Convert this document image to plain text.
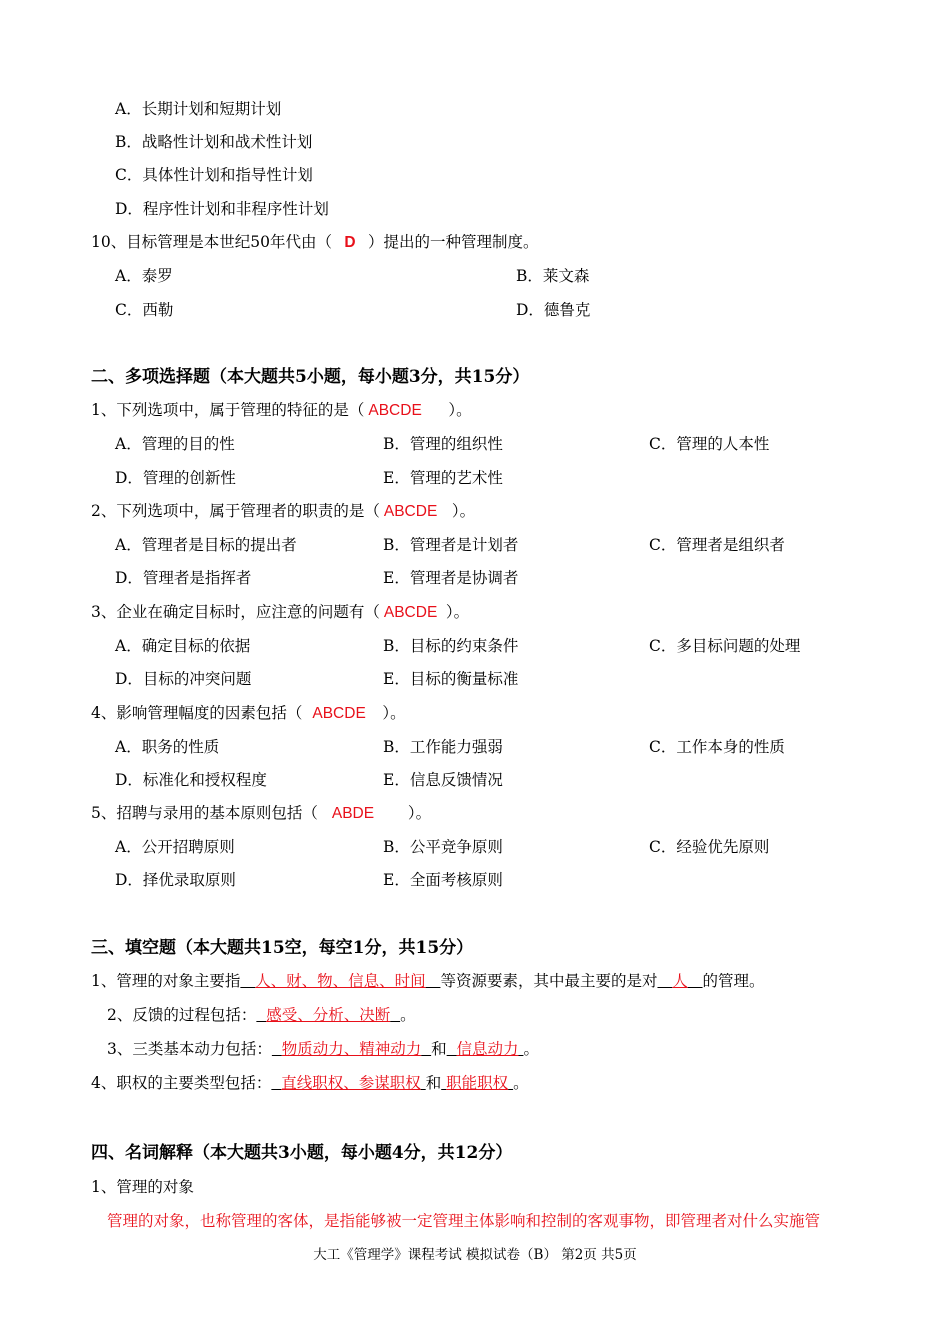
A．长期计划和短期计划
B．战略性计划和战术性计划
C．具体性计划和指导性计划
D．程序性计划和非程序性计划
10、目标管理是本世纪50年代由（ D ）提出的一种管理制度。
A．泰罗	B．莱文森
C．西勒	D．德鲁克
二、多项选择题（本大题共5小题，每小题3分，共15分）
1、下列选项中，属于管理的特征的是（ ABCDE ）。
A．管理的目的性	B．管理的组织性	C．管理的人本性
D．管理的创新性	E．管理的艺术性
2、下列选项中，属于管理者的职责的是（ ABCDE ）。
A．管理者是目标的提出者	B．管理者是计划者	C．管理者是组织者
D．管理者是指挥者	E．管理者是协调者
3、企业在确定目标时，应注意的问题有（ ABCDE ）。
A．确定目标的依据	B．目标的约束条件	C．多目标问题的处理
D．目标的冲突问题	E．目标的衡量标准
4、影响管理幅度的因素包括（ ABCDE ）。
A．职务的性质	B．工作能力强弱	C．工作本身的性质
D．标准化和授权程度	E．信息反馈情况
5、招聘与录用的基本原则包括（ ABDE ）。
A．公开招聘原则	B．公平竞争原则	C．经验优先原则
D．择优录取原则	E．全面考核原则
三、填空题（本大题共15空，每空1分，共15分）
1、管理的对象主要指 人、财、物、信息、时间 等资源要素，其中最主要的是对 人 的管理。
2、反馈的过程包括： 感受、分析、决断 。
3、三类基本动力包括： 物质动力、精神动力 和 信息动力 。
4、职权的主要类型包括： 直线职权、参谋职权 和 职能职权 。
四、名词解释（本大题共3小题，每小题4分，共12分）
1、管理的对象
管理的对象，也称管理的客体，是指能够被一定管理主体影响和控制的客观事物，即管理者对什么实施管
大工《管理学》课程考试 模拟试卷（B） 第2页 共5页
